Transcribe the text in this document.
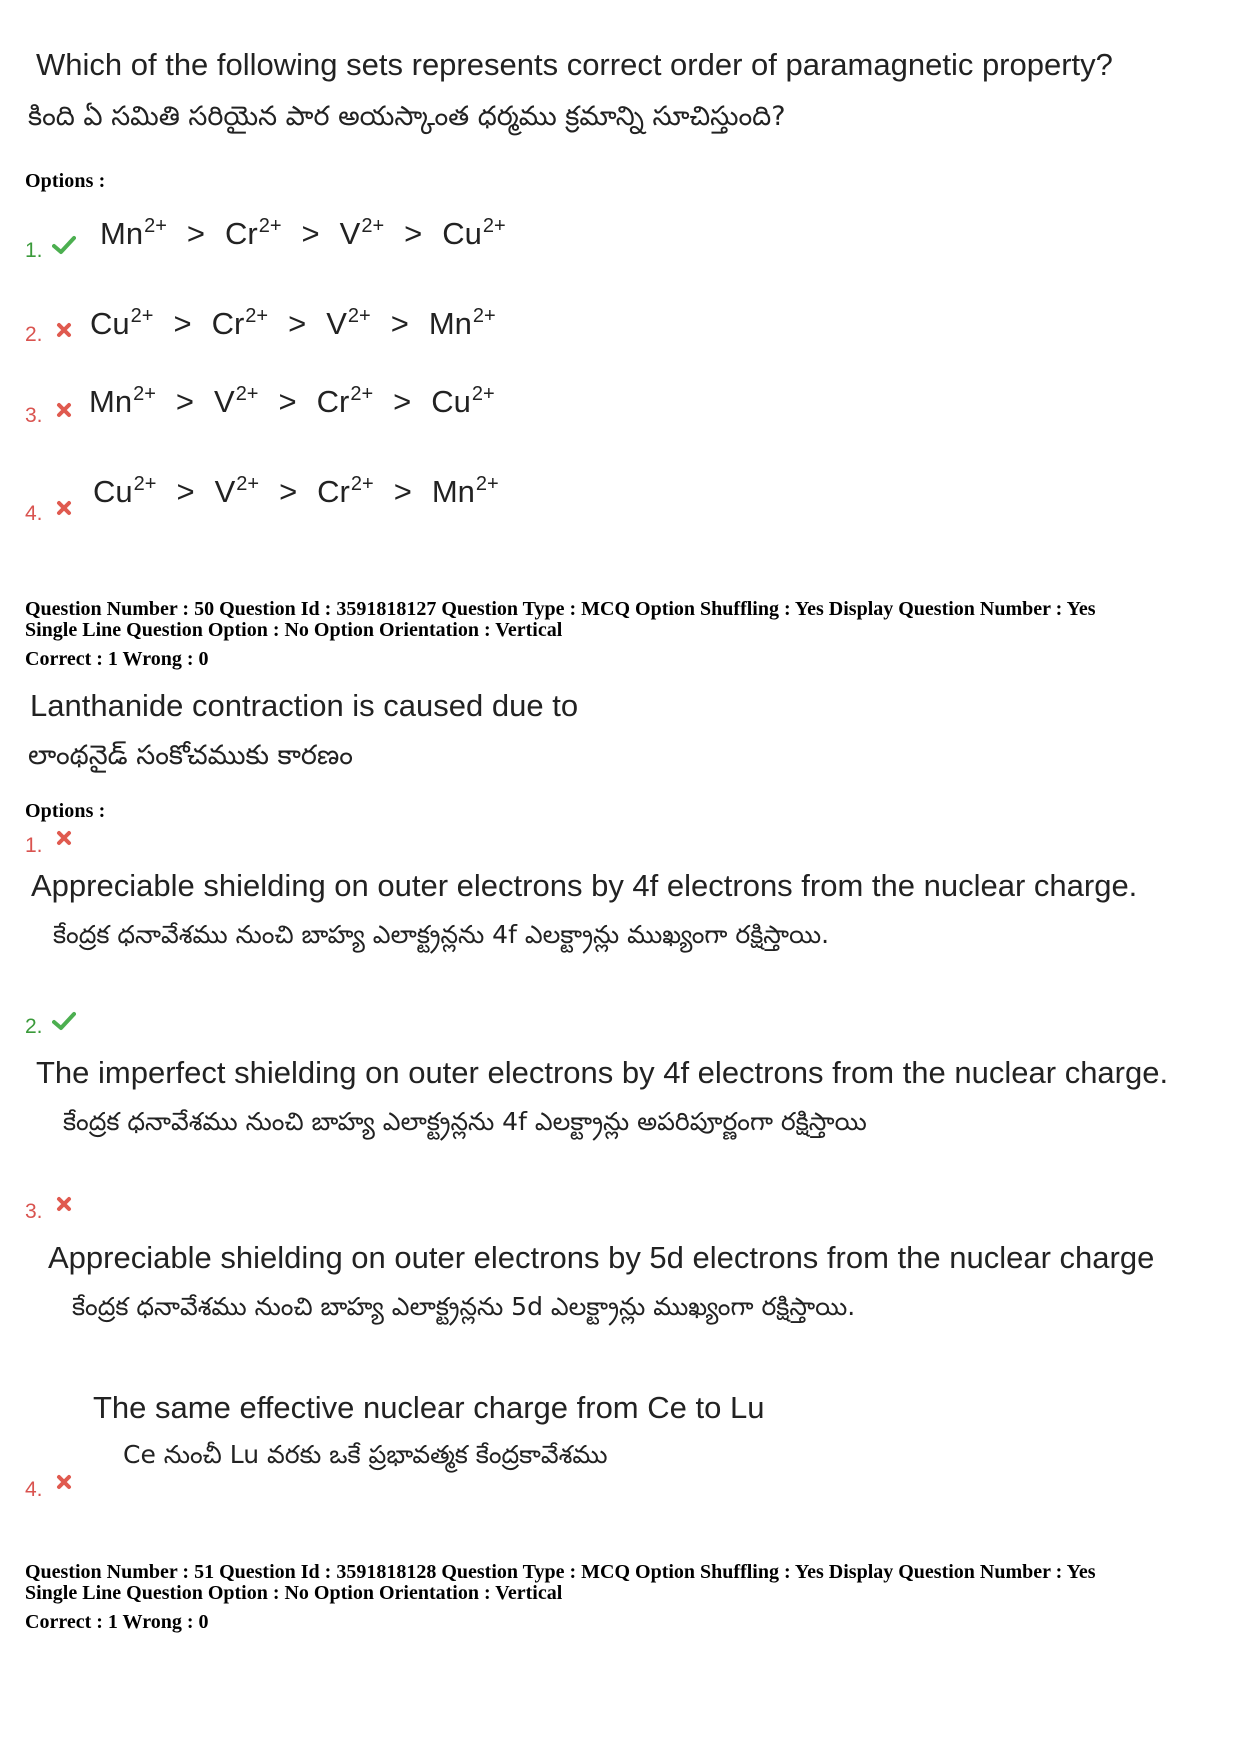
Which of the following sets represents correct order of paramagnetic property?
కింది ఏ సమితి సరియైన పార అయస్కాంత ధర్మము క్రమాన్ని సూచిస్తుంది?
Options :
1. $Mn^{2+} > Cr^{2+} > V^{2+} > Cu^{2+}$
2. $Cu^{2+} > Cr^{2+} > V^{2+} > Mn^{2+}$
3. $Mn^{2+} > V^{2+} > Cr^{2+} > Cu^{2+}$
4.
$Cu^{2+} > V^{2+} > Cr^{2+} > Mn^{2+}$
Question Number : 50 Question Id : 3591818127 Question Type : MCQ Option Shuffling : Yes Display Question Number : Yes
Single Line Question Option : No Option Orientation : Vertical
Correct : 1 Wrong : 0
Lanthanide contraction is caused due to
లాంథనైడ్ సంకోచముకు కారణం
Options :
1.
Appreciable shielding on outer electrons by 4f electrons from the nuclear charge.
కేంద్రక ధనావేశము నుంచి బాహ్య ఎలాక్ట్రన్లను 4f ఎలక్ట్రాన్లు ముఖ్యంగా రక్షిస్తాయి.
2.
The imperfect shielding on outer electrons by 4f electrons from the nuclear charge.
కేంద్రక ధనావేశము నుంచి బాహ్య ఎలాక్ట్రన్లను 4f ఎలక్ట్రాన్లు అపరిపూర్ణంగా రక్షిస్తాయి
3.
Appreciable shielding on outer electrons by 5d electrons from the nuclear charge
కేంద్రక ధనావేశము నుంచి బాహ్య ఎలాక్ట్రన్లను 5d ఎలక్ట్రాన్లు ముఖ్యంగా రక్షిస్తాయి.
The same effective nuclear charge from Ce to Lu
Ce నుంచీ Lu వరకు ఒకే ప్రభావత్మక కేంద్రకావేశము
4.
Question Number : 51 Question Id : 3591818128 Question Type : MCQ Option Shuffling : Yes Display Question Number : Yes
Single Line Question Option : No Option Orientation : Vertical
Correct : 1 Wrong : 0
